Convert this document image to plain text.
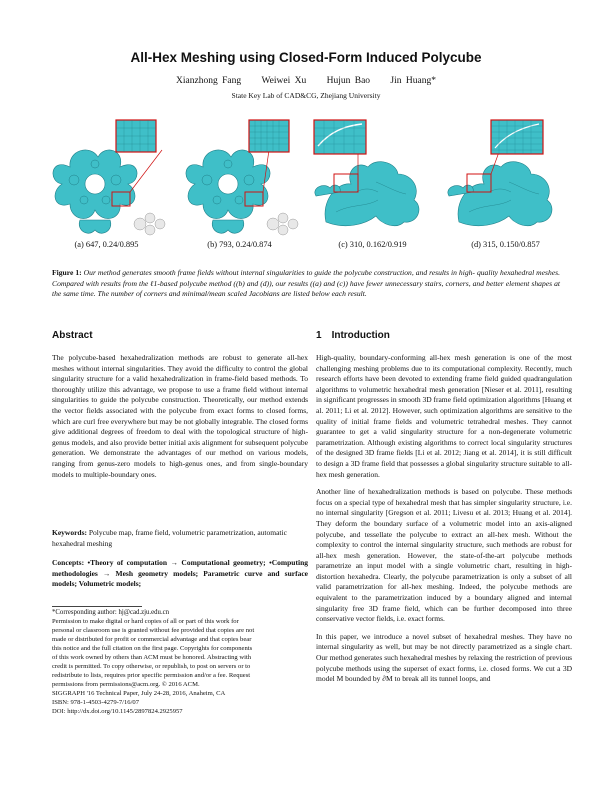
All-Hex Meshing using Closed-Form Induced Polycube
Xianzhong Fang Weiwei Xu Hujun Bao Jin Huang*
State Key Lab of CAD&CG, Zhejiang University
(a) 647, 0.24/0.895	(b) 793, 0.24/0.874	(c) 310, 0.162/0.919	(d) 315, 0.150/0.857
Figure 1: Our method generates smooth frame fields without internal singularities to guide the polycube construction, and results in high- quality hexahedral meshes. Compared with results from the ℓ1-based polycube method ((b) and (d)), our results ((a) and (c)) have fewer unnecessary stairs, corners, and better element shapes at the same time. The number of corners and minimal/mean scaled Jacobians are listed below each result.
Abstract

The polycube-based hexahedralization methods are robust to generate all-hex meshes without internal singularities. They avoid the difficulty to control the global singularity structure for a valid hexahedralization in frame-field based methods. To thoroughly utilize this advantage, we propose to use a frame field without internal singularities to guide the polycube construction. Theoretically, our method extends the vector fields associated with the polycube from exact forms to closed forms, which are curl free everywhere but may be not globally integrable. The closed forms give additional degrees of freedom to deal with the topological structure of high-genus models, and also provide better initial axis alignment for subsequent polycube generation. We demonstrate the advantages of our method on various models, ranging from genus-zero models to high-genus ones, and from single-boundary models to multiple-boundary ones.

Keywords: Polycube map, frame field, volumetric parametrization, automatic hexahedral meshing
Concepts: •Theory of computation → Computational geometry; •Computing methodologies → Mesh geometry models; Parametric curve and surface models; Volumetric models;
*Corresponding author: hj@cad.zju.edu.cn
Permission to make digital or hard copies of all or part of this work for
personal or classroom use is granted without fee provided that copies are not
made or distributed for profit or commercial advantage and that copies bear
this notice and the full citation on the first page. Copyrights for components
of this work owned by others than ACM must be honored. Abstracting with
credit is permitted. To copy otherwise, or republish, to post on servers or to
redistribute to lists, requires prior specific permission and/or a fee. Request
permissions from permissions@acm.org. © 2016 ACM.
SIGGRAPH '16 Technical Paper, July 24-28, 2016, Anaheim, CA
ISBN: 978-1-4503-4279-7/16/07
DOI: http://dx.doi.org/10.1145/2897824.2925957
1 Introduction

High-quality, boundary-conforming all-hex mesh generation is one of the most challenging meshing problems due to its computational complexity. Recently, much research efforts have been devoted to extending frame field guided quadrangulation algorithms to volumetric hexahedral mesh generation [Nieser et al. 2011], resulting in significant progresses in smooth 3D frame field optimization algorithms [Huang et al. 2011; Li et al. 2012]. However, such optimization algorithms are sensitive to the quality of initial frame fields and volumetric tetrahedral meshes. They cannot guarantee to get a valid singularity structure for a non-degenerate volumetric parametrization. Although existing algorithms to correct local singularity structures of the designed 3D frame fields [Li et al. 2012; Jiang et al. 2014], it is still difficult to design a 3D frame field that possesses a global singularity structure suitable to all-hex mesh generation.

Another line of hexahedralization methods is based on polycube. These methods focus on a special type of hexahedral mesh that has simpler singularity structure, i.e. no internal singularity [Gregson et al. 2011; Livesu et al. 2013; Huang et al. 2014]. They deform the boundary surface of a volumetric model into an axis-aligned polycube, and tessellate the polycube to extract an all-hex mesh. Without the complexity to control the internal singularity structure, such methods are robust for all-hex mesh generation. However, the state-of-the-art polycube methods parametrize an input model with a single volumetric chart, resulting in high-distortion hexahedra. Clearly, the polycube parametrization is only a subset of all valid parametrization for all-hex meshing. Indeed, the polycube methods are equivalent to the parametrization induced by a boundary aligned and internal singularity free 3D frame field, which can be further decomposed into three conservative vector fields, i.e. exact forms.

In this paper, we introduce a novel subset of hexahedral meshes. They have no internal singularity as well, but may be not directly parametrized as a single chart. Our method generates such hexahedral meshes by relaxing the restriction of previous polycube methods using the superset of exact forms, i.e. closed forms. We cut a 3D model M bounded by ∂M to break all its tunnel loops, and
